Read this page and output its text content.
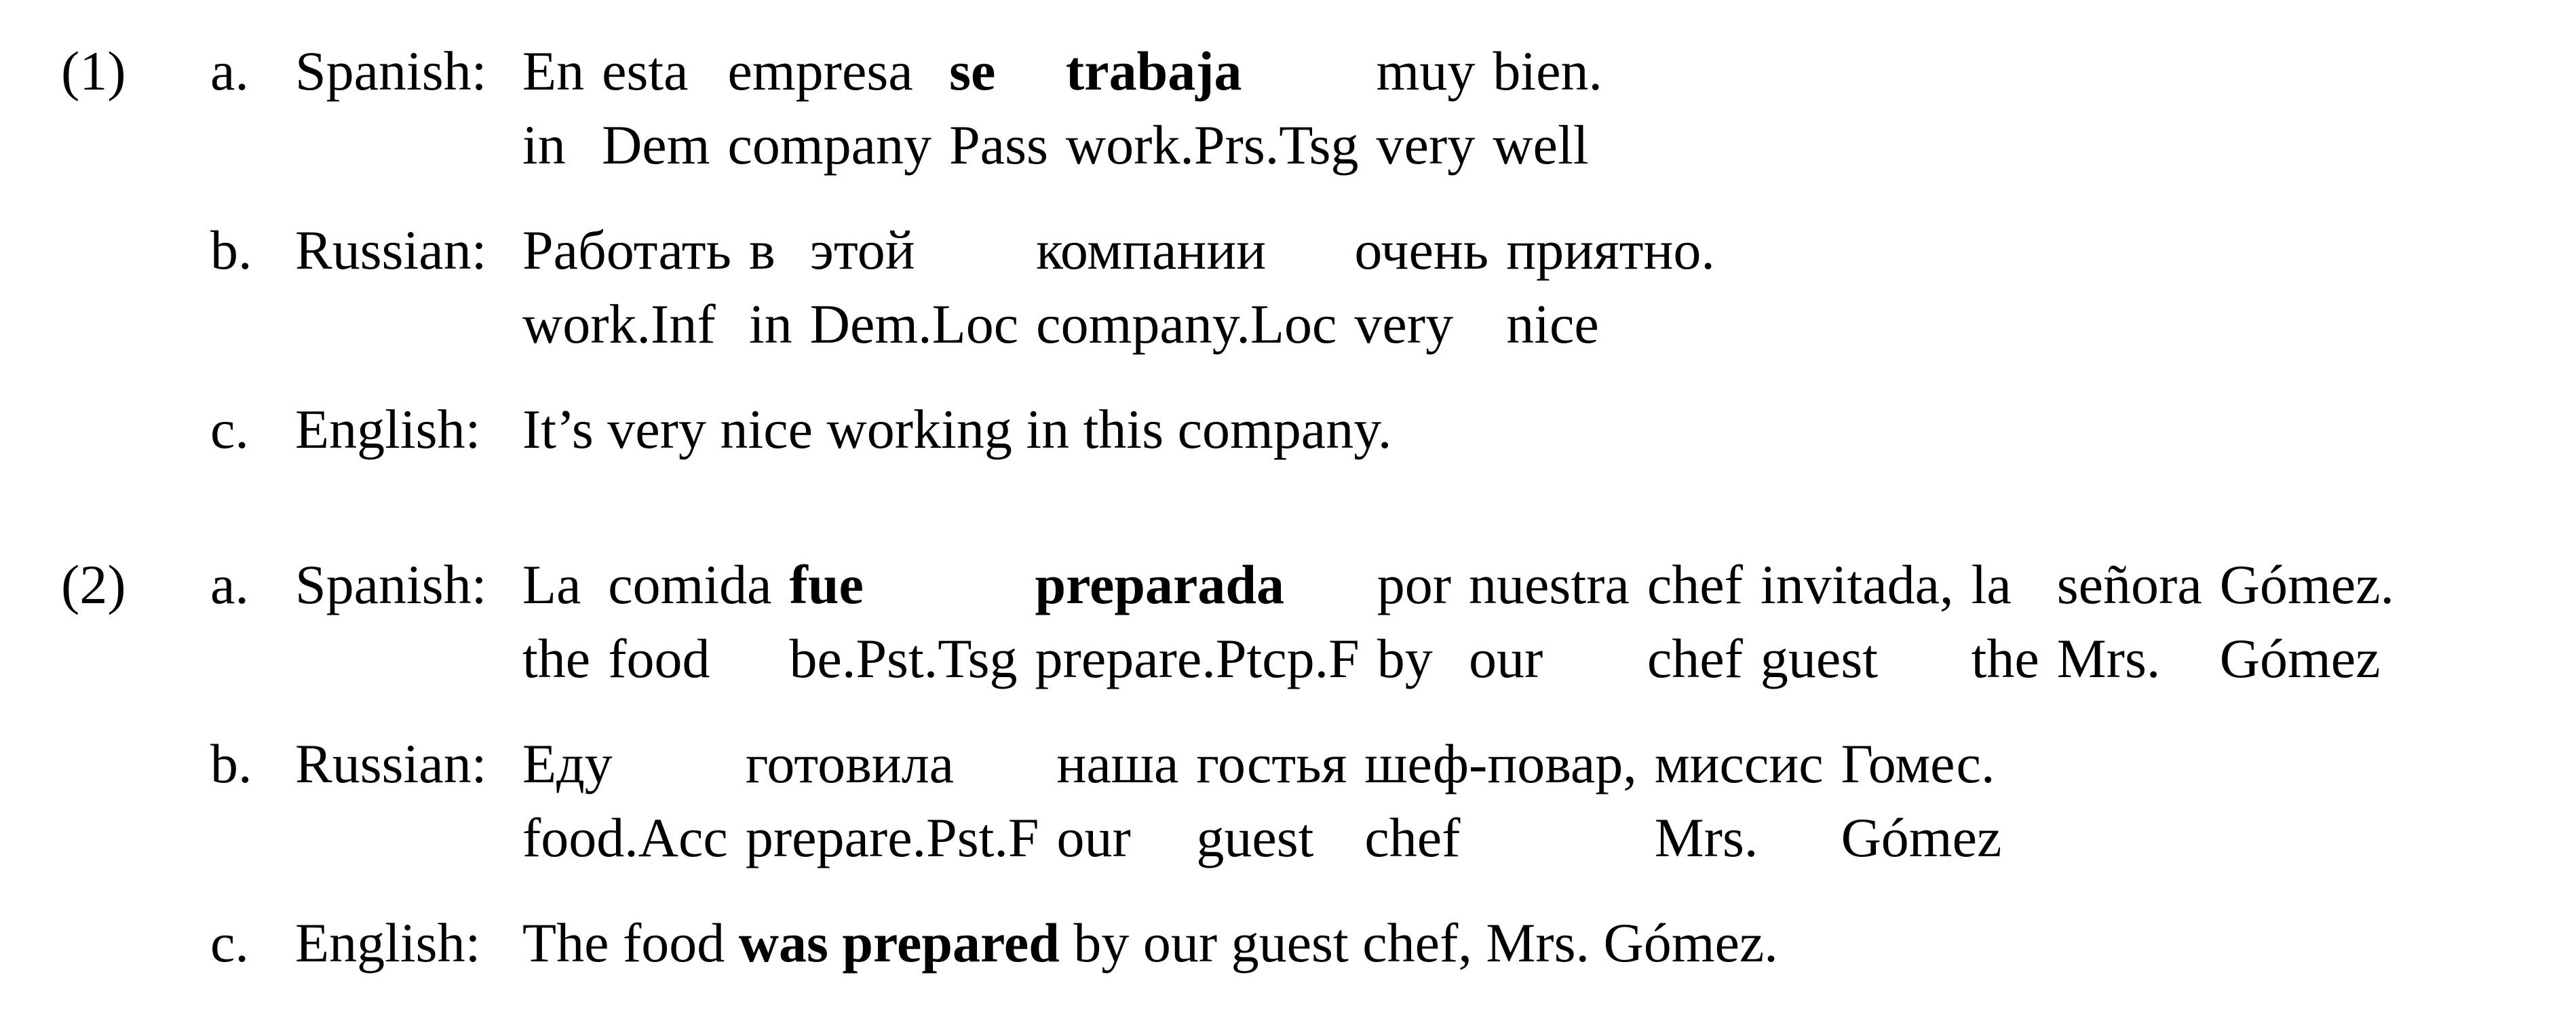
(1)	a. Spanish: En
in
esta
Dem
empresa
company
se
Pass
trabaja
work.Prs.Tsg
muy
very
bien.
well
b. Russian: Работать
work.Inf
в
in
этой
Dem.Loc
компании
company.Loc
очень
very
приятно.
nice
c. English: It’s very nice working in this company.
(2)	a. Spanish: La
the
comida
food
fue
be.Pst.Tsg
preparada
prepare.Ptcp.F
por
by
nuestra
our
chef
chef
invitada,
guest
la
the
señora
Mrs.
Gómez.
Gómez
b. Russian: Еду
food.Acc
готовила
prepare.Pst.F
наша
our
гостья
guest
шеф-повар,
chef
миссис
Mrs.
Гомес.
Gómez
c. English: The food was prepared by our guest chef, Mrs. Gómez.
